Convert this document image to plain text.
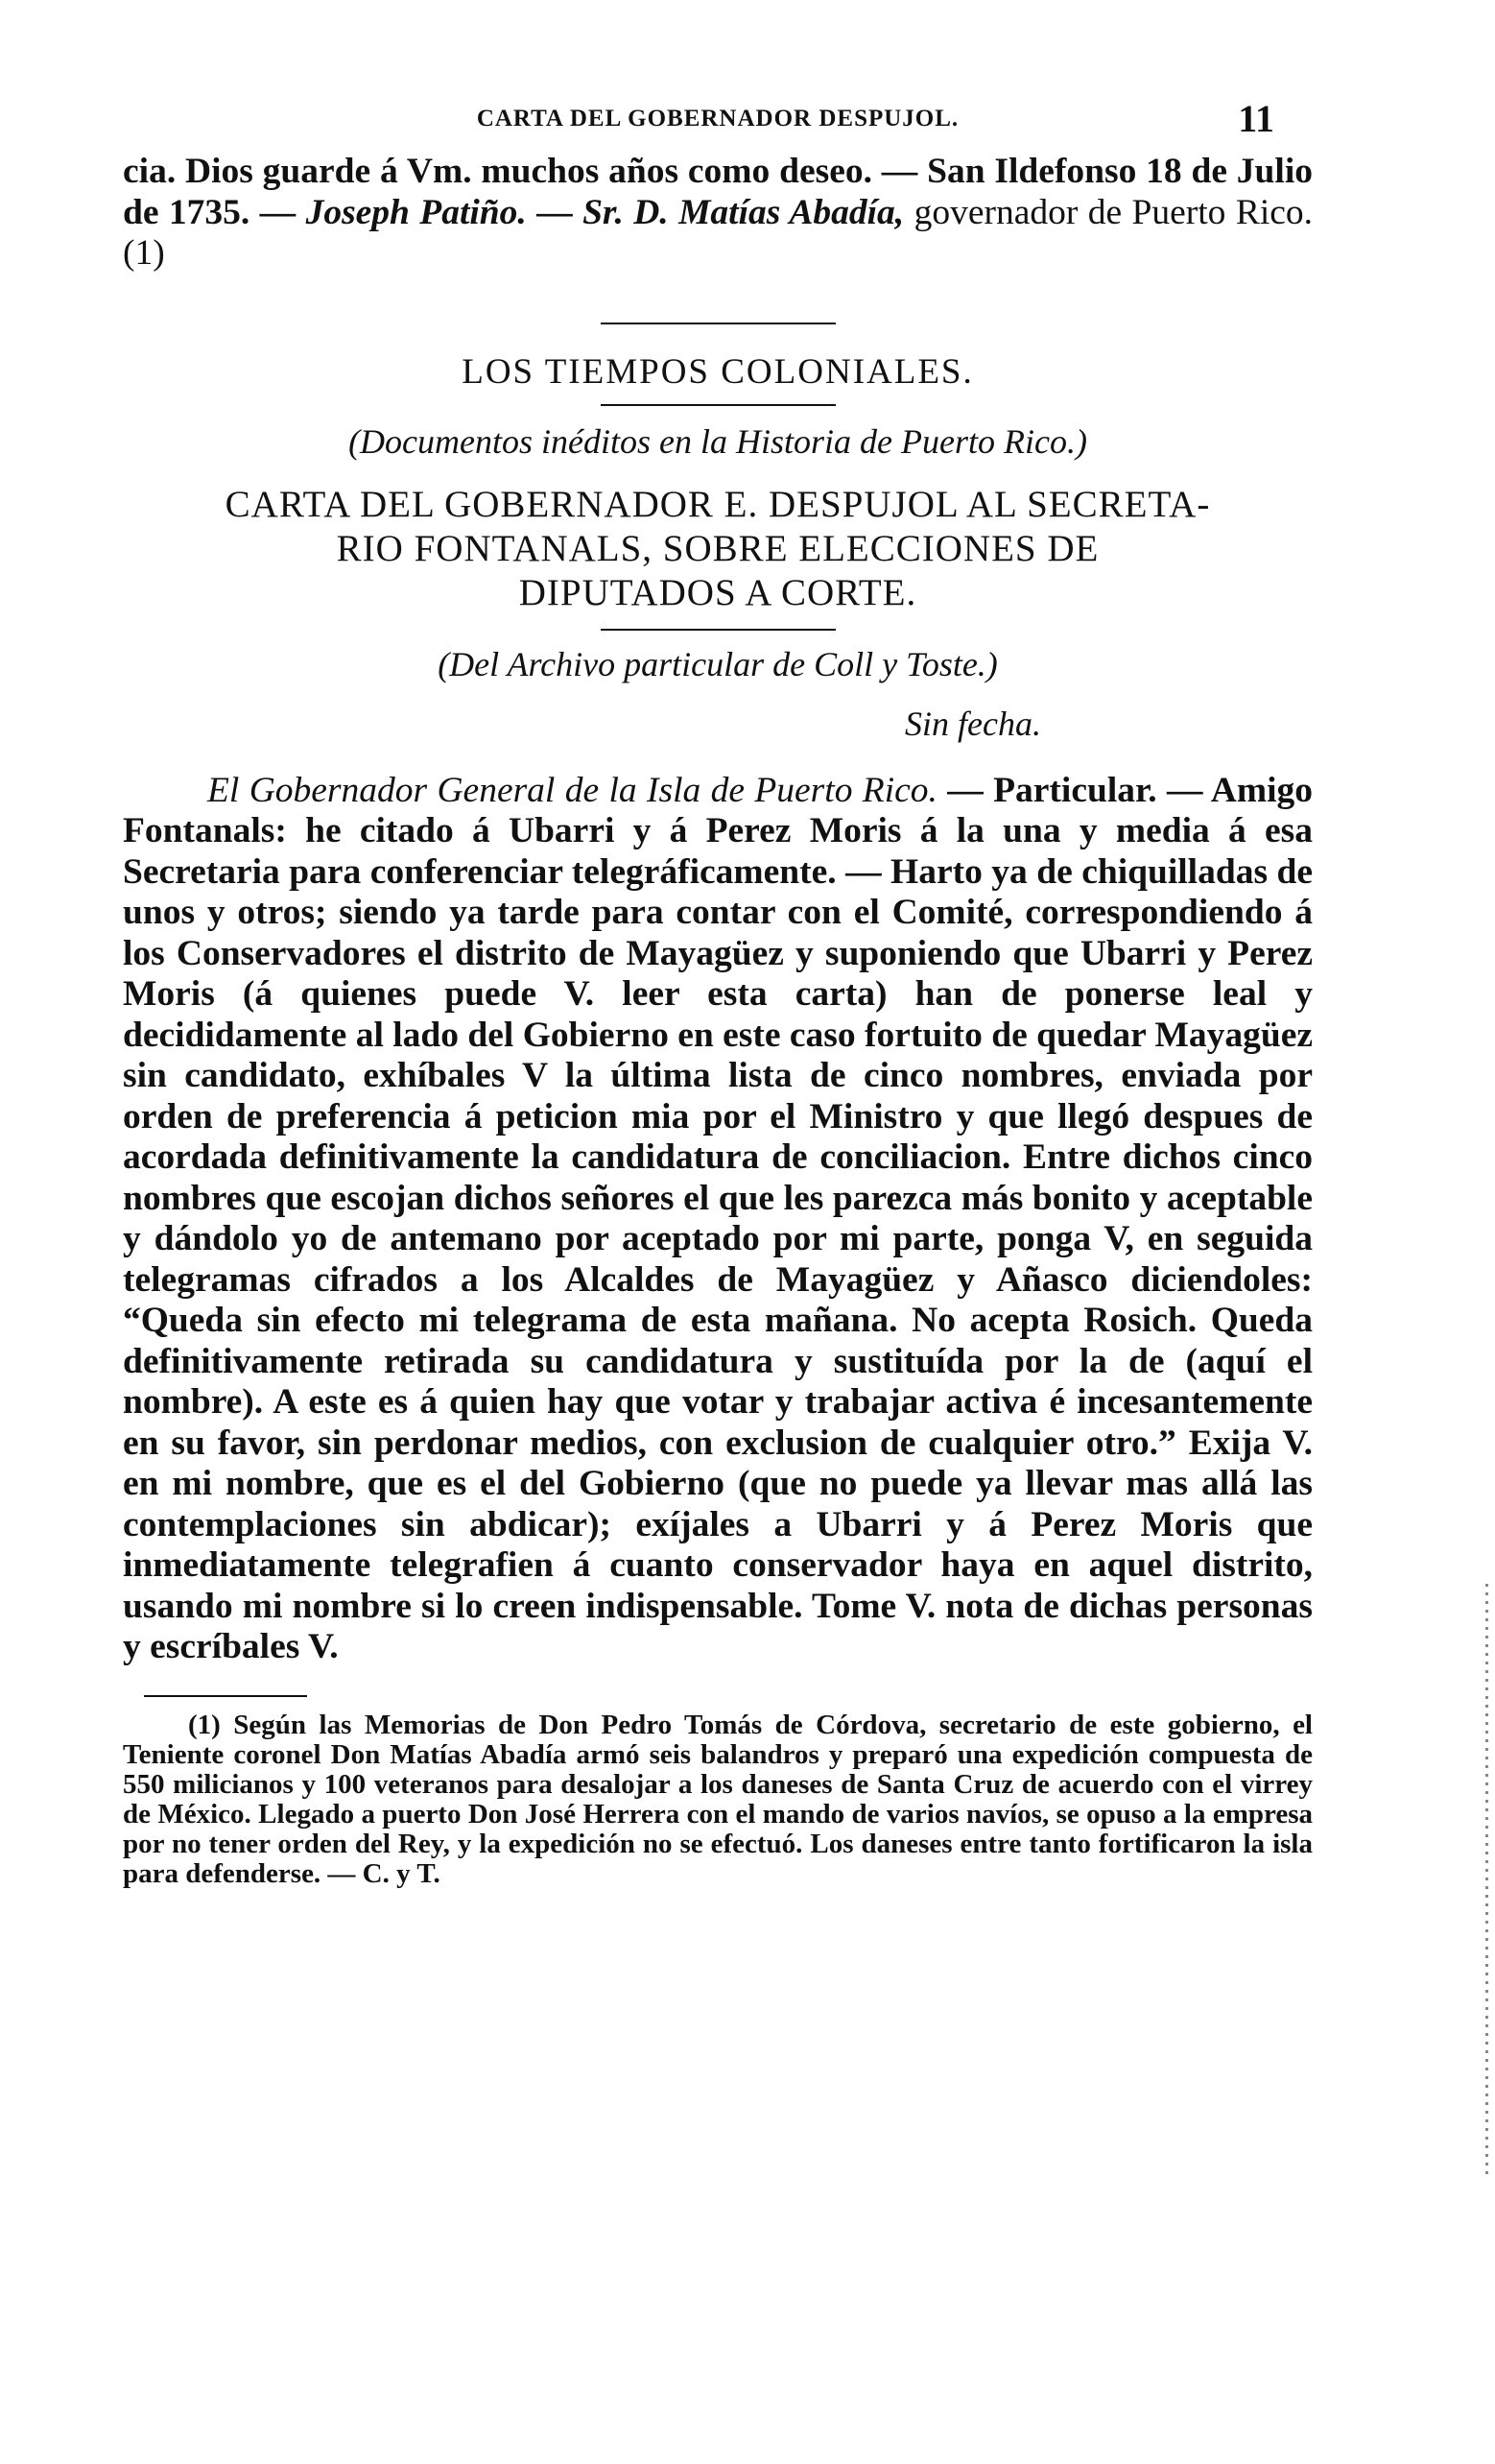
CARTA DEL GOBERNADOR DESPUJOL.	11

cia. Dios guarde á Vm. muchos años como deseo. — San Ildefonso 18 de Julio de 1735. — Joseph Patiño. — Sr. D. Matías Abadía, governador de Puerto Rico. (1)

LOS TIEMPOS COLONIALES.

(Documentos inéditos en la Historia de Puerto Rico.)

CARTA DEL GOBERNADOR E. DESPUJOL AL SECRETA-

RIO FONTANALS, SOBRE ELECCIONES DE

DIPUTADOS A CORTE.

(Del Archivo particular de Coll y Toste.)

Sin fecha.

El Gobernador General de la Isla de Puerto Rico. — Particular. — Amigo Fontanals: he citado á Ubarri y á Perez Moris á la una y media á esa Secretaria para conferenciar telegráficamente. — Harto ya de chiquilladas de unos y otros; siendo ya tarde para contar con el Comité, correspondiendo á los Conservadores el distrito de Mayagüez y suponiendo que Ubarri y Perez Moris (á quienes puede V. leer esta carta) han de ponerse leal y decididamente al lado del Gobierno en este caso fortuito de quedar Mayagüez sin candidato, exhíbales V la última lista de cinco nombres, enviada por orden de preferencia á peticion mia por el Ministro y que llegó despues de acordada definitivamente la candidatura de conciliacion. Entre dichos cinco nombres que escojan dichos señores el que les parezca más bonito y aceptable y dándolo yo de antemano por aceptado por mi parte, ponga V, en seguida telegramas cifrados a los Alcaldes de Mayagüez y Añasco diciendoles: “Queda sin efecto mi telegrama de esta mañana. No acepta Rosich. Queda definitivamente retirada su candidatura y sustituída por la de (aquí el nombre). A este es á quien hay que votar y trabajar activa é incesantemente en su favor, sin perdonar medios, con exclusion de cualquier otro.” Exija V. en mi nombre, que es el del Gobierno (que no puede ya llevar mas allá las contemplaciones sin abdicar); exíjales a Ubarri y á Perez Moris que inmediatamente telegrafien á cuanto conservador haya en aquel distrito, usando mi nombre si lo creen indispensable. Tome V. nota de dichas personas y escríbales V.

(1) Según las Memorias de Don Pedro Tomás de Córdova, secretario de este gobierno, el Teniente coronel Don Matías Abadía armó seis balandros y preparó una expedición compuesta de 550 milicianos y 100 veteranos para desalojar a los daneses de Santa Cruz de acuerdo con el virrey de México. Llegado a puerto Don José Herrera con el mando de varios navíos, se opuso a la empresa por no tener orden del Rey, y la expedición no se efectuó. Los daneses entre tanto fortificaron la isla para defenderse. — C. y T.
